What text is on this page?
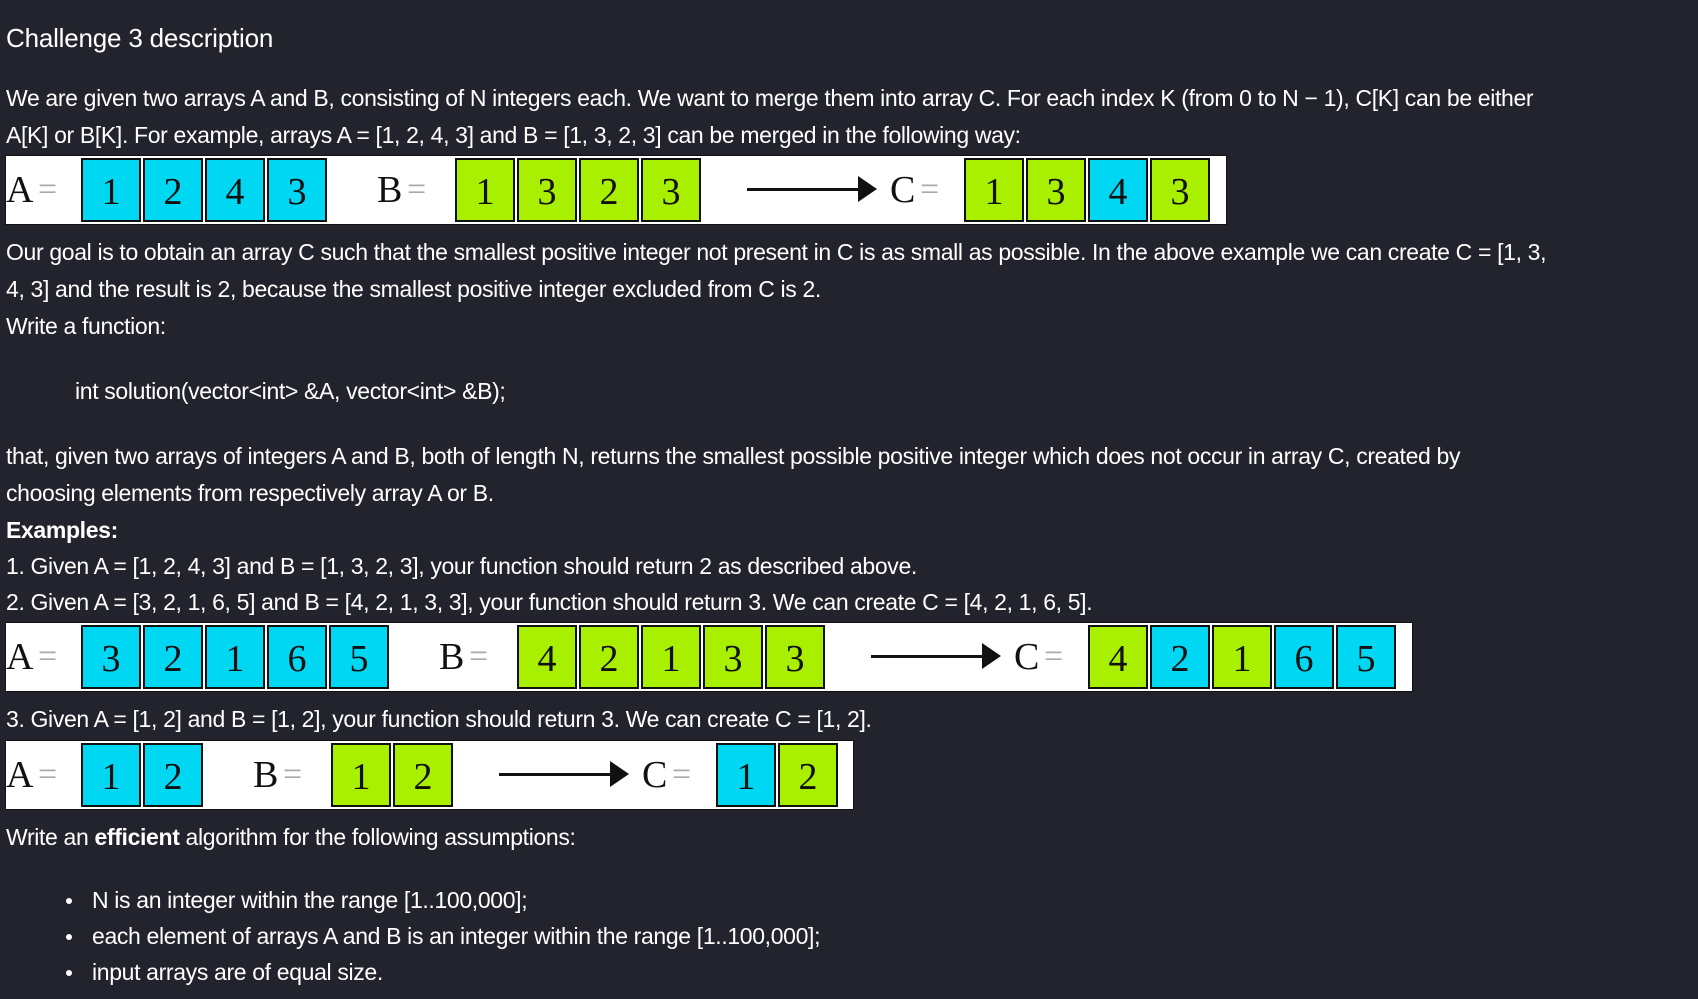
Challenge 3 description
We are given two arrays A and B, consisting of N integers each. We want to merge them into array C. For each index K (from 0 to N − 1), C[K] can be either
A[K] or B[K]. For example, arrays A = [1, 2, 4, 3] and B = [1, 3, 2, 3] can be merged in the following way:
A =	1	2	4	3	B =	1	3	2	3	C =	1	3	4	3
Our goal is to obtain an array C such that the smallest positive integer not present in C is as small as possible. In the above example we can create C = [1, 3,
4, 3] and the result is 2, because the smallest positive integer excluded from C is 2.
Write a function:
int solution(vector<int> &A, vector<int> &B);
that, given two arrays of integers A and B, both of length N, returns the smallest possible positive integer which does not occur in array C, created by
choosing elements from respectively array A or B.
Examples:
1. Given A = [1, 2, 4, 3] and B = [1, 3, 2, 3], your function should return 2 as described above.
2. Given A = [3, 2, 1, 6, 5] and B = [4, 2, 1, 3, 3], your function should return 3. We can create C = [4, 2, 1, 6, 5].
A =	3	2	1	6	5	B =	4	2	1	3	3	C =	4	2	1	6	5
3. Given A = [1, 2] and B = [1, 2], your function should return 3. We can create C = [1, 2].
A =	1	2	B =	1	2	C =	1	2
Write an efficient algorithm for the following assumptions:
N is an integer within the range [1..100,000];
each element of arrays A and B is an integer within the range [1..100,000];
input arrays are of equal size.
